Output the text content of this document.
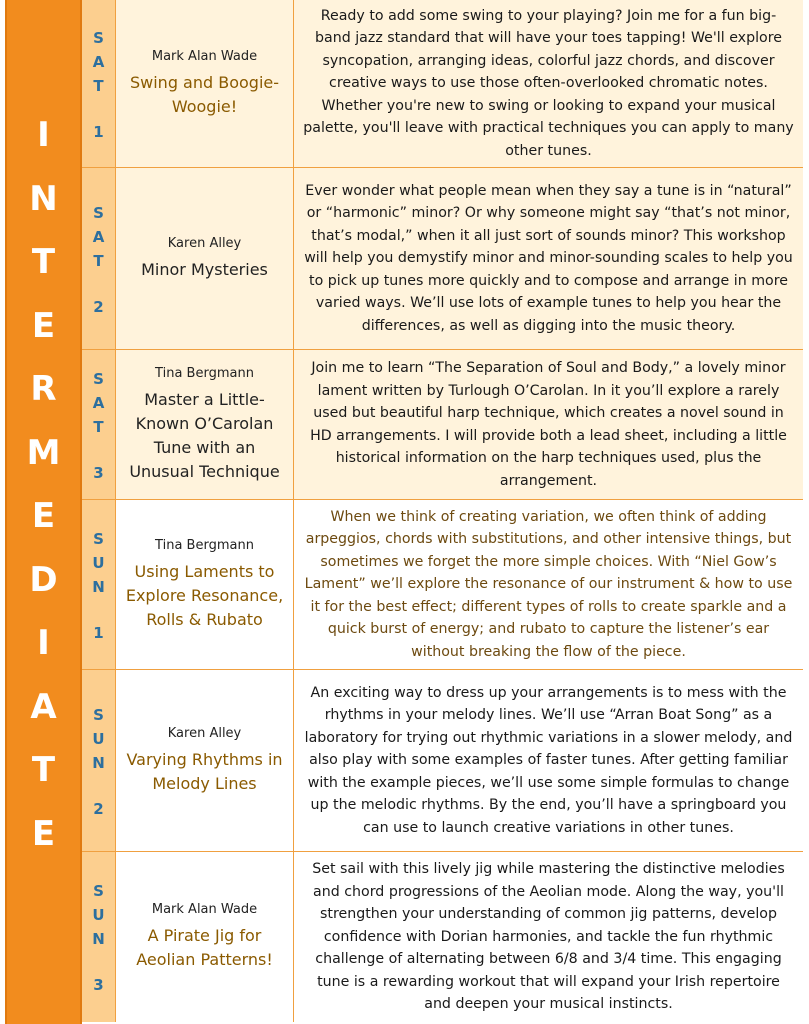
I
N
T
E
R
M
E
D
I
A
T
E
S
A
T
1
Mark Alan Wade
Swing and Boogie-Woogie!
Ready to add some swing to your playing? Join me for a fun big-band jazz standard that will have your toes tapping! We'll explore syncopation, arranging ideas, colorful jazz chords, and discover creative ways to use those often-overlooked chromatic notes. Whether you're new to swing or looking to expand your musical palette, you'll leave with practical techniques you can apply to many other tunes.
S
A
T
2
Karen Alley
Minor Mysteries
Ever wonder what people mean when they say a tune is in “natural” or “harmonic” minor? Or why someone might say “that’s not minor, that’s modal,” when it all just sort of sounds minor? This workshop will help you demystify minor and minor-sounding scales to help you to pick up tunes more quickly and to compose and arrange in more varied ways. We’ll use lots of example tunes to help you hear the differences, as well as digging into the music theory.
S
A
T
3
Tina Bergmann
Master a Little-Known O’Carolan Tune with an Unusual Technique
Join me to learn “The Separation of Soul and Body,” a lovely minor lament written by Turlough O’Carolan. In it you’ll explore a rarely used but beautiful harp technique, which creates a novel sound in HD arrangements. I will provide both a lead sheet, including a little historical information on the harp techniques used, plus the arrangement.
S
U
N
1
Tina Bergmann
Using Laments to Explore Resonance, Rolls & Rubato
When we think of creating variation, we often think of adding arpeggios, chords with substitutions, and other intensive things, but sometimes we forget the more simple choices. With “Niel Gow’s Lament” we’ll explore the resonance of our instrument & how to use it for the best effect; different types of rolls to create sparkle and a quick burst of energy; and rubato to capture the listener’s ear without breaking the flow of the piece.
S
U
N
2
Karen Alley
Varying Rhythms in Melody Lines
An exciting way to dress up your arrangements is to mess with the rhythms in your melody lines. We’ll use “Arran Boat Song” as a laboratory for trying out rhythmic variations in a slower melody, and also play with some examples of faster tunes. After getting familiar with the example pieces, we’ll use some simple formulas to change up the melodic rhythms. By the end, you’ll have a springboard you can use to launch creative variations in other tunes.
S
U
N
3
Mark Alan Wade
A Pirate Jig for Aeolian Patterns!
Set sail with this lively jig while mastering the distinctive melodies and chord progressions of the Aeolian mode. Along the way, you'll strengthen your understanding of common jig patterns, develop confidence with Dorian harmonies, and tackle the fun rhythmic challenge of alternating between 6/8 and 3/4 time. This engaging tune is a rewarding workout that will expand your Irish repertoire and deepen your musical instincts.
